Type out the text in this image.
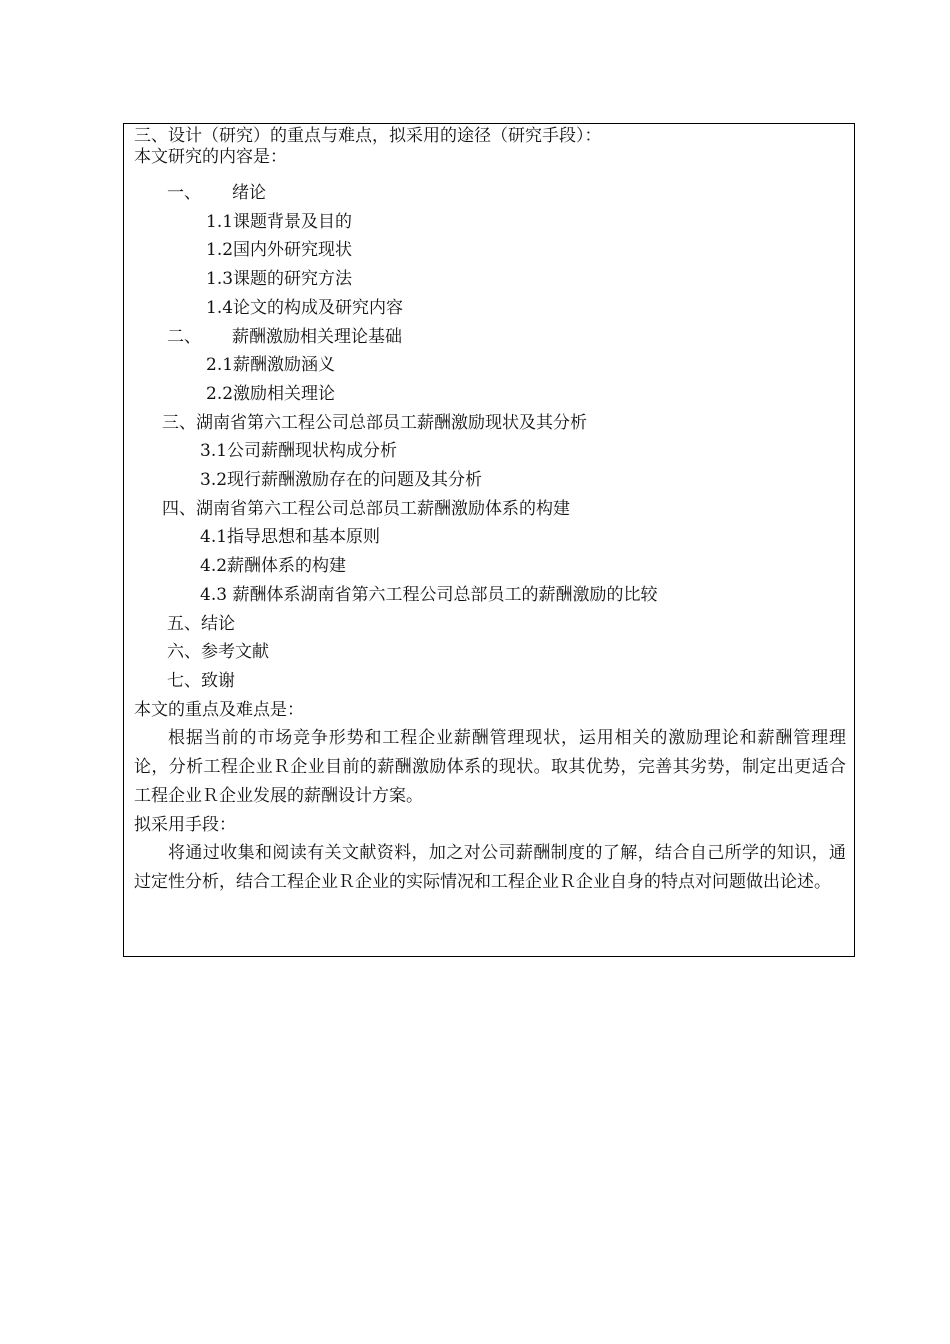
三、设计（研究）的重点与难点，拟采用的途径（研究手段）：
本文研究的内容是：
一、 绪论
1.1课题背景及目的
1.2国内外研究现状
1.3课题的研究方法
1.4论文的构成及研究内容
二、 薪酬激励相关理论基础
2.1薪酬激励涵义
2.2激励相关理论
三、湖南省第六工程公司总部员工薪酬激励现状及其分析
3.1公司薪酬现状构成分析
3.2现行薪酬激励存在的问题及其分析
四、湖南省第六工程公司总部员工薪酬激励体系的构建
4.1指导思想和基本原则
4.2薪酬体系的构建
4.3 薪酬体系湖南省第六工程公司总部员工的薪酬激励的比较
五、结论
六、参考文献
七、致谢
本文的重点及难点是：
根据当前的市场竞争形势和工程企业薪酬管理现状，运用相关的激励理论和薪酬管理理论，分析工程企业Ｒ企业目前的薪酬激励体系的现状。取其优势，完善其劣势，制定出更适合工程企业Ｒ企业发展的薪酬设计方案。
拟采用手段：
将通过收集和阅读有关文献资料，加之对公司薪酬制度的了解，结合自己所学的知识，通过定性分析，结合工程企业Ｒ企业的实际情况和工程企业Ｒ企业自身的特点对问题做出论述。
